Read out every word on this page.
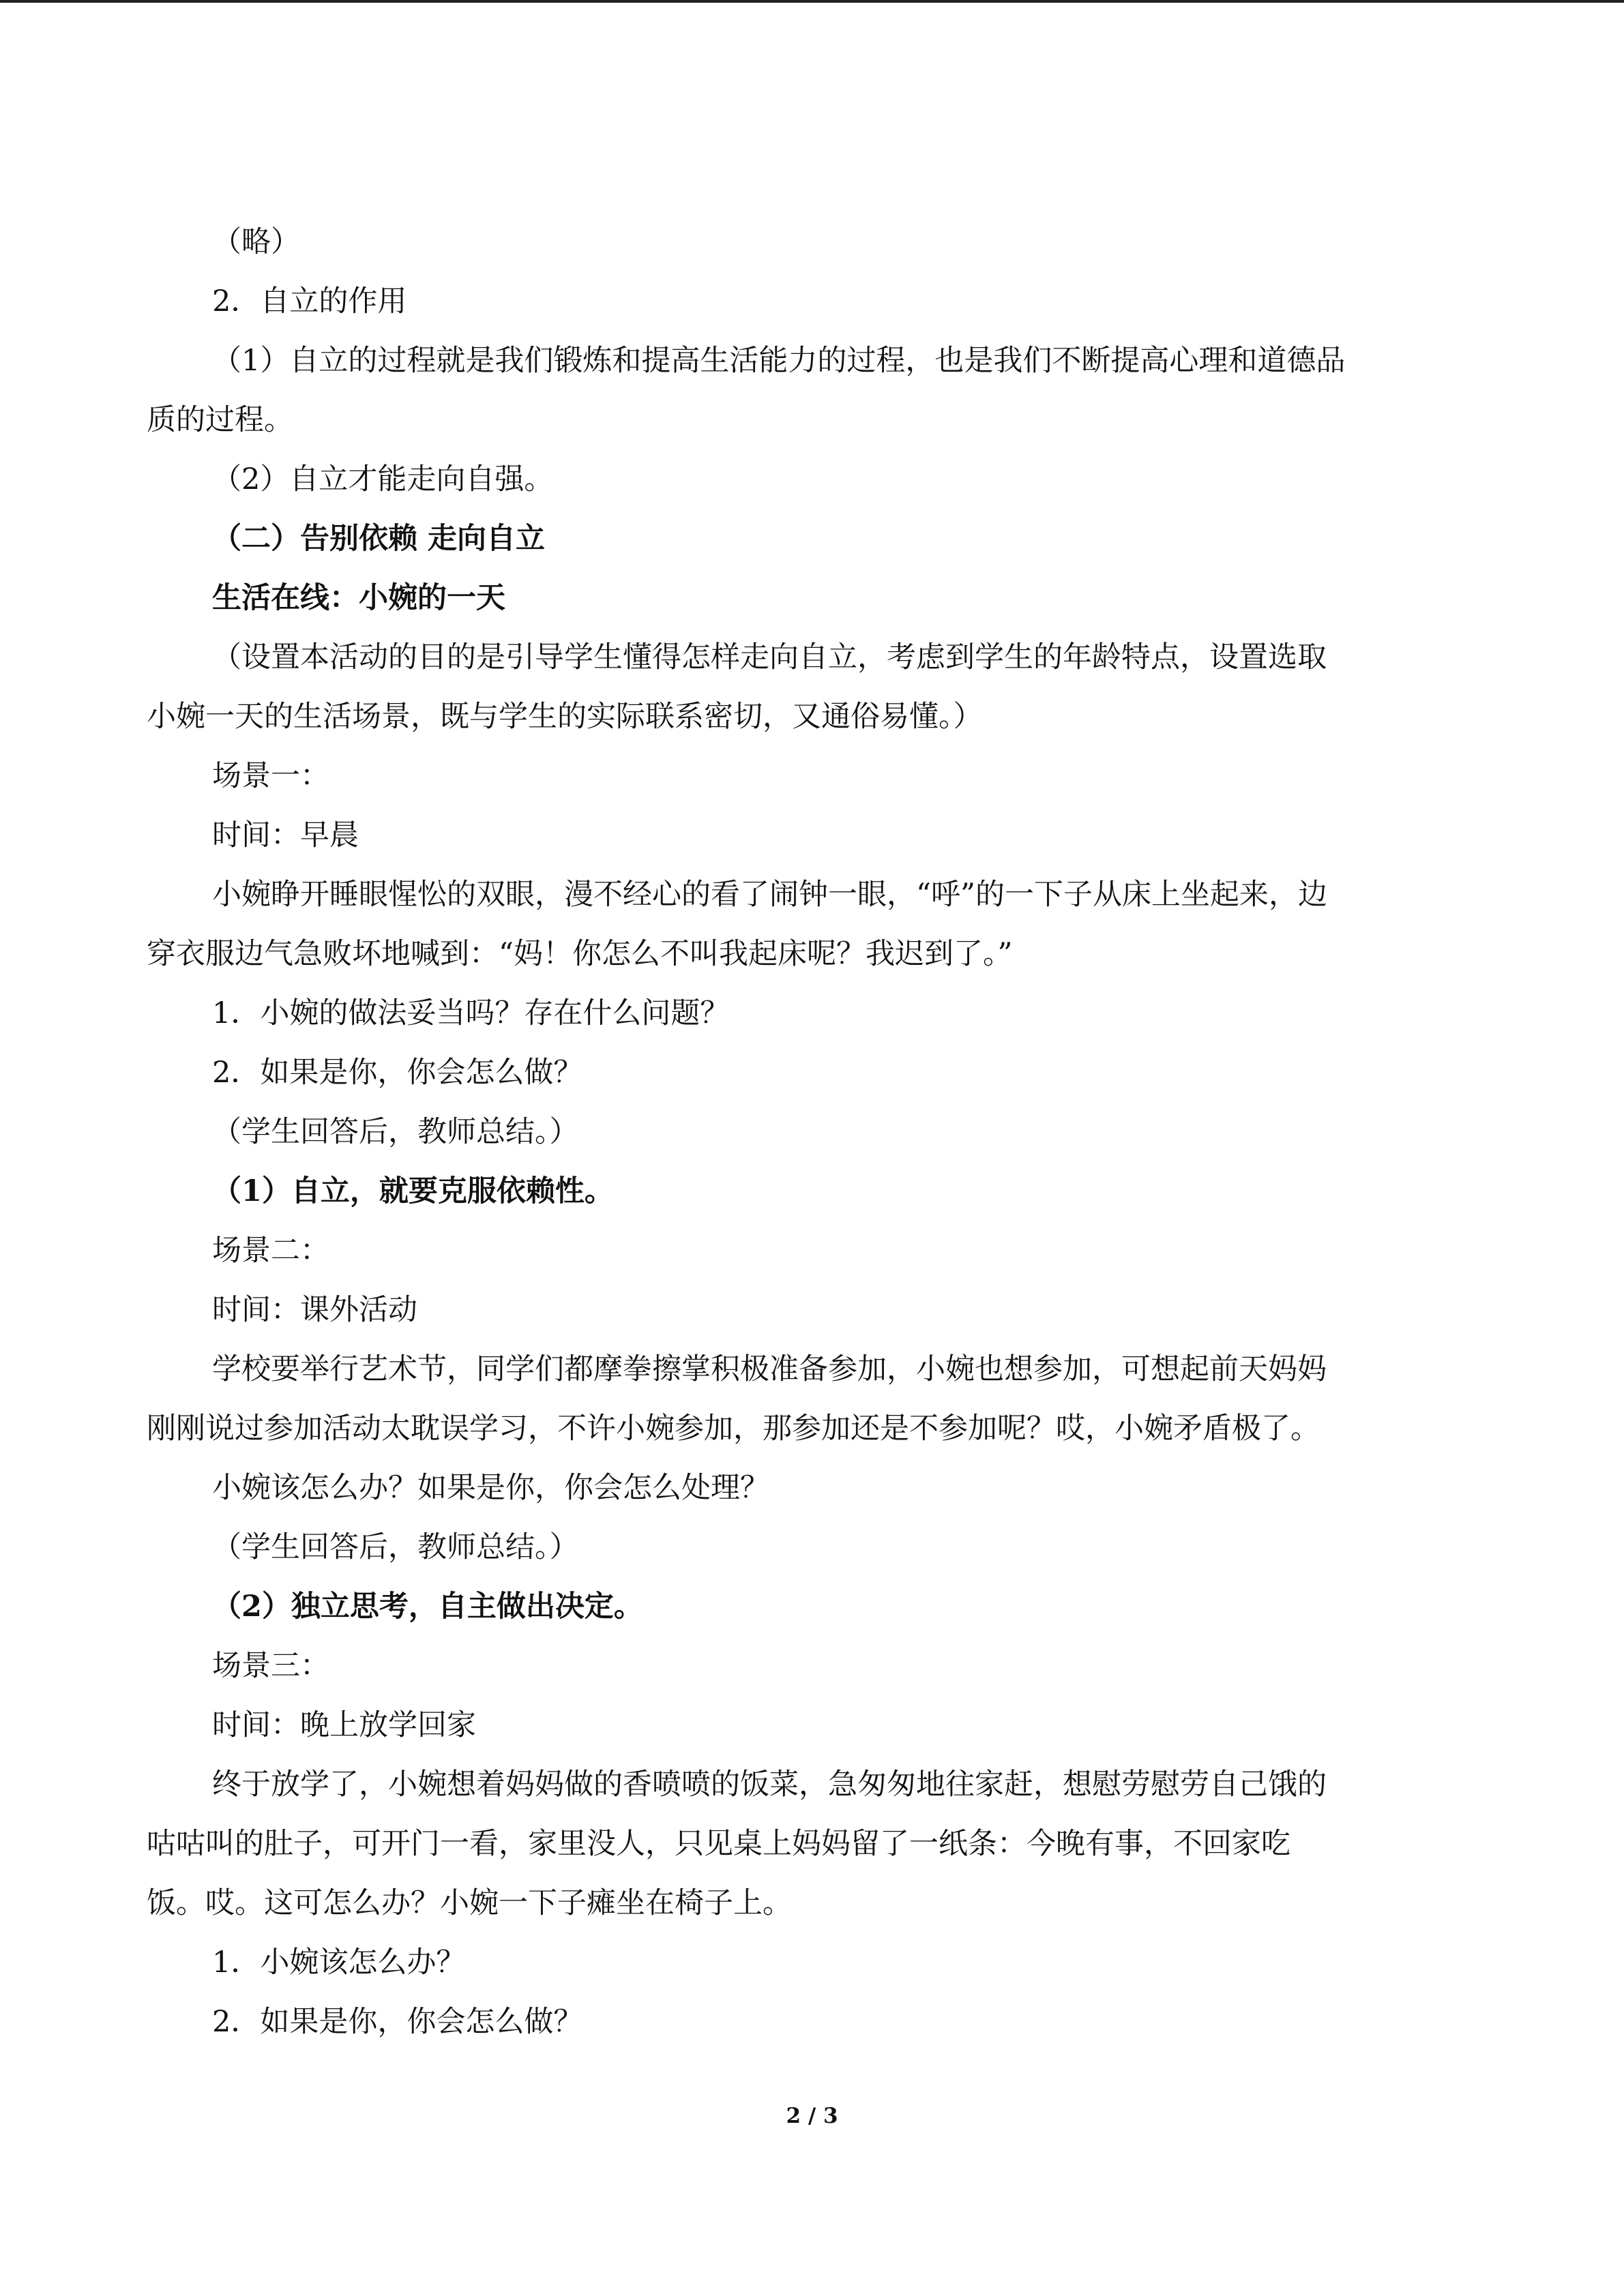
（略）

2．自立的作用

（1）自立的过程就是我们锻炼和提高生活能力的过程，也是我们不断提高心理和道德品

质的过程。

（2）自立才能走向自强。

（二）告别依赖 走向自立

生活在线：小婉的一天

（设置本活动的目的是引导学生懂得怎样走向自立，考虑到学生的年龄特点，设置选取

小婉一天的生活场景，既与学生的实际联系密切，又通俗易懂。）

场景一：

时间：早晨

小婉睁开睡眼惺忪的双眼，漫不经心的看了闹钟一眼，“呼”的一下子从床上坐起来，边

穿衣服边气急败坏地喊到：“妈！你怎么不叫我起床呢？我迟到了。”

1．小婉的做法妥当吗？存在什么问题？

2．如果是你，你会怎么做？

（学生回答后，教师总结。）

（1）自立，就要克服依赖性。

场景二：

时间：课外活动

学校要举行艺术节，同学们都摩拳擦掌积极准备参加，小婉也想参加，可想起前天妈妈

刚刚说过参加活动太耽误学习，不许小婉参加，那参加还是不参加呢？哎，小婉矛盾极了。

小婉该怎么办？如果是你，你会怎么处理？

（学生回答后，教师总结。）

（2）独立思考，自主做出决定。

场景三：

时间：晚上放学回家

终于放学了，小婉想着妈妈做的香喷喷的饭菜，急匆匆地往家赶，想慰劳慰劳自己饿的

咕咕叫的肚子，可开门一看，家里没人，只见桌上妈妈留了一纸条：今晚有事，不回家吃

饭。哎。这可怎么办？小婉一下子瘫坐在椅子上。

1．小婉该怎么办？

2．如果是你，你会怎么做？

2 / 3
